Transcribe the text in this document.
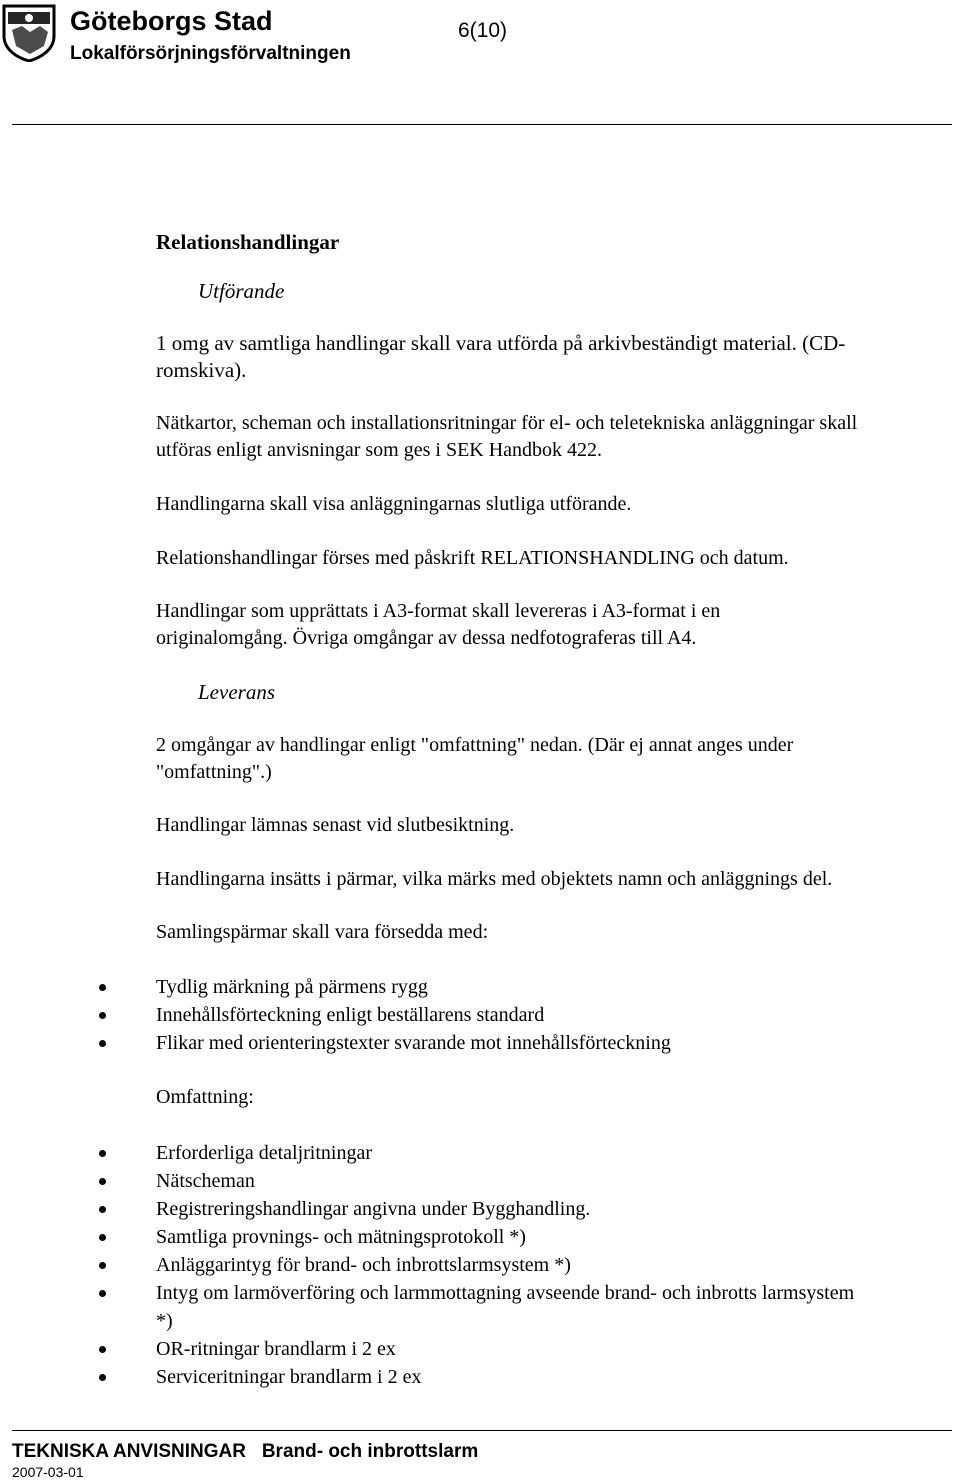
Göteborgs Stad
Lokalförsörjningsförvaltningen
6(10)
Relationshandlingar
Utförande
1 omg av samtliga handlingar skall vara utförda på arkivbeständigt material. (CD-romskiva).
Nätkartor, scheman och installationsritningar för el- och teletekniska anläggningar skall utföras enligt anvisningar som ges i SEK Handbok 422.
Handlingarna skall visa anläggningarnas slutliga utförande.
Relationshandlingar förses med påskrift RELATIONSHANDLING och datum.
Handlingar som upprättats i A3-format skall levereras i A3-format i en originalomgång. Övriga omgångar av dessa nedfotograferas till A4.
Leverans
2 omgångar av handlingar enligt "omfattning" nedan. (Där ej annat anges under "omfattning".)
Handlingar lämnas senast vid slutbesiktning.
Handlingarna insätts i pärmar, vilka märks med objektets namn och anläggnings del.
Samlingspärmar skall vara försedda med:
Tydlig märkning på pärmens rygg
Innehållsförteckning enligt beställarens standard
Flikar med orienteringstexter svarande mot innehållsförteckning
Omfattning:
Erforderliga detaljritningar
Nätscheman
Registreringshandlingar angivna under Bygghandling.
Samtliga provnings- och mätningsprotokoll *)
Anläggarintyg för brand- och inbrottslarmsystem *)
Intyg om larmöverföring och larmmottagning avseende brand- och inbrotts larmsystem *)
OR-ritningar brandlarm i 2 ex
Serviceritningar brandlarm i 2 ex
TEKNISKA ANVISNINGAR   Brand- och inbrottslarm
2007-03-01
